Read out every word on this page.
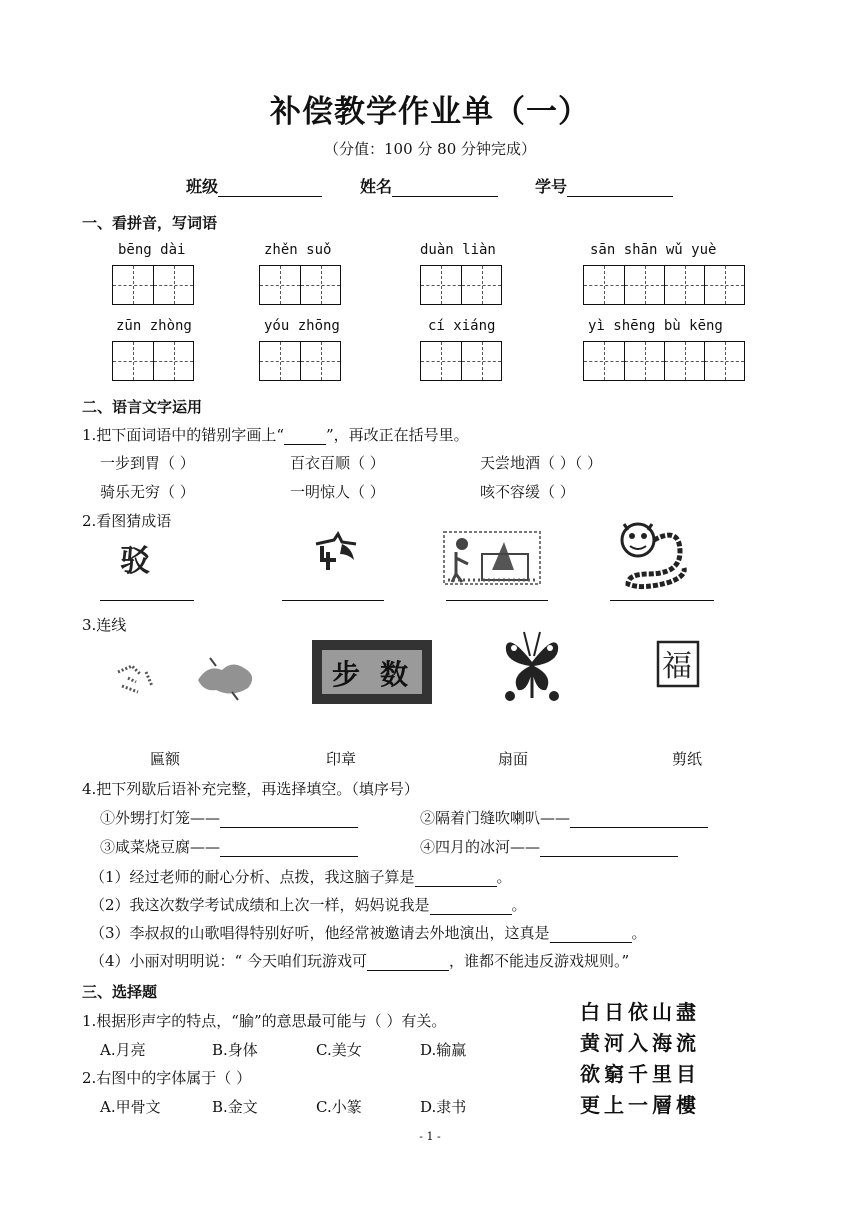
补偿教学作业单（一）
（分值：100 分 80 分钟完成）
班级	姓名	学号
一、看拼音，写词语
bēng dài	zhěn suǒ	duàn liàn	sān shān wǔ yuè
zūn zhòng	yóu zhōng	cí xiáng	yì shēng bù kēng
二、语言文字运用
1.把下面词语中的错别字画上“	”，再改正在括号里。
一步到胃（ ）	百衣百顺（ ）	天尝地酒（ ）（ ）
骑乐无穷（ ）	一明惊人（ ）	咳不容缓（ ）
2.看图猜成语
驳
3.连线
步 数	福
匾额	印章	扇面	剪纸
4.把下列歇后语补充完整，再选择填空。（填序号）
①外甥打灯笼——	②隔着门缝吹喇叭——
③咸菜烧豆腐——	④四月的冰河——
（1）经过老师的耐心分析、点拨，我这脑子算是	。
（2）我这次数学考试成绩和上次一样，妈妈说我是	。
（3）李叔叔的山歌唱得特别好听，他经常被邀请去外地演出，这真是	。
（4）小丽对明明说：“ 今天咱们玩游戏可	，谁都不能违反游戏规则。”
三、选择题
1.根据形声字的特点，“腧”的意思最可能与（ ）有关。
A.月亮	B.身体	C.美女	D.输赢
2.右图中的字体属于（ ）
A.甲骨文	B.金文	C.小篆	D.隶书
白日依山盡
黄河入海流
欲窮千里目
更上一層樓
- 1 -
